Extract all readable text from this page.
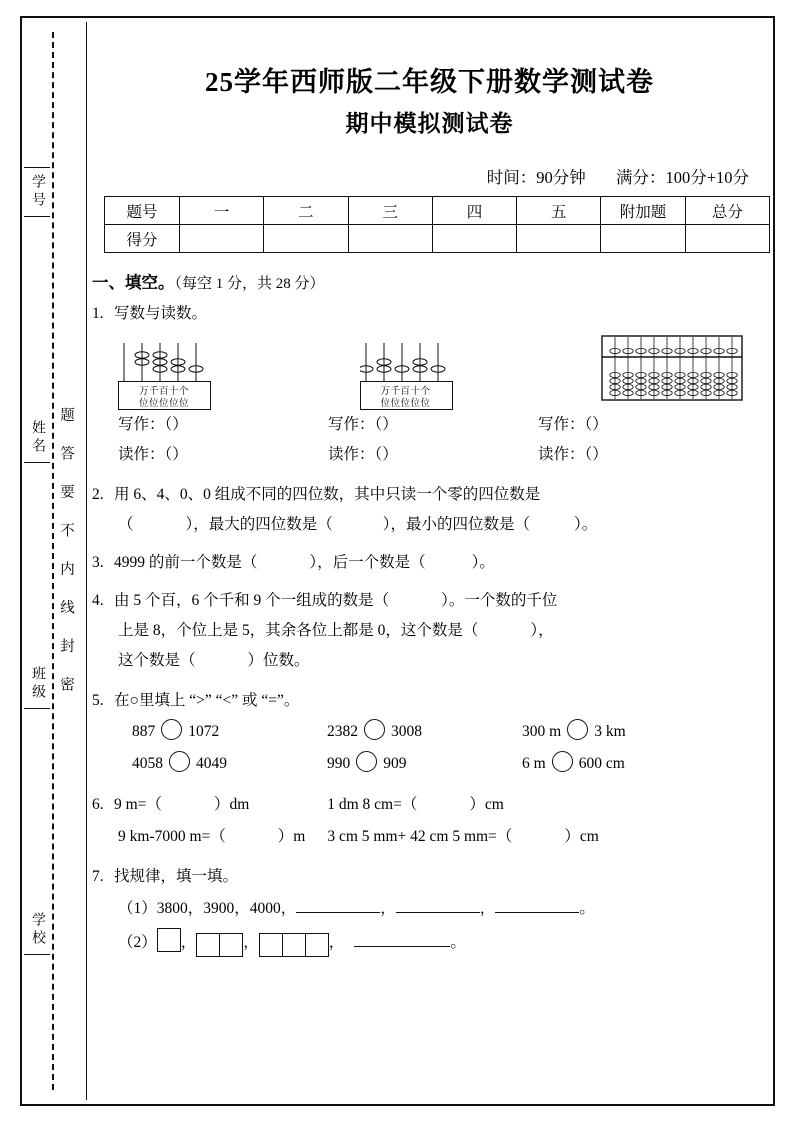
学号
姓名
班级
学校
题答要不内线封密
25学年西师版二年级下册数学测试卷
期中模拟测试卷
时间：90分钟 满分：100分+10分
题号	一	二	三	四	五	附加题	总分
得分							
一、填空。（每空 1 分，共 28 分）
1. 写数与读数。
万千百十个
位位位位位
万千百十个
位位位位位
写作：（）	写作：（）	写作：（）
读作：（）	读作：（）	读作：（）
2. 用 6、4、0、0 组成不同的四位数，其中只读一个零的四位数是
（	），最大的四位数是（	），最小的四位数是（	）。
3. 4999 的前一个数是（	），后一个数是（	）。
4. 由 5 个百，6 个千和 9 个一组成的数是（	）。一个数的千位
上是 8，个位上是 5，其余各位上都是 0，这个数是（	），
这个数是（	）位数。
5. 在○里填上 “>” “<” 或 “=”。
887 1072	2382 3008	300 m 3 km
4058 4049	990 909	6 m 600 cm
6. 9 m=（	）dm	1 dm 8 cm=（	）cm
9 km-7000 m=（	）m 3 cm 5 mm+ 42 cm 5 mm=（	）cm
7. 找规律，填一填。
（1）3800，3900，4000，	，	，	。
（2） ，	，	，	。
